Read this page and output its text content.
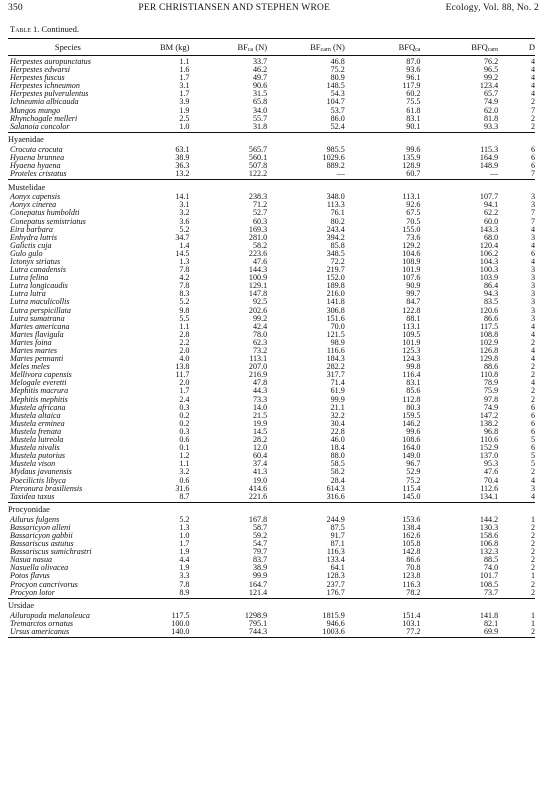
350	PER CHRISTIANSEN AND STEPHEN WROE	Ecology, Vol. 88, No. 2
Table 1. Continued.
Species	BM (kg)	$BF_{ca}$ (N)	$BF_{carn}$ (N)	$BFQ_{ca}$	$BFQ_{carn}$	D
Herpestes auropunctatus	1.1	33.7	46.8	87.0	76.2	4
Herpestes edwarsi	1.6	46.2	75.2	93.6	96.5	4
Herpestes fuscus	1.7	49.7	80.9	96.1	99.2	4
Herpestes ichneumon	3.1	90.6	148.5	117.9	123.4	4
Herpestes pulverulentus	1.7	31.5	54.3	60.2	65.7	4
Ichneumia albicauda	3.9	65.8	104.7	75.5	74.9	2
Mungos mungo	1.9	34.0	53.7	61.8	62.0	7
Rhynchogale melleri	2.5	55.7	86.0	83.1	81.8	2
Salanoia concolor	1.0	31.8	52.4	90.1	93.3	2
Hyaenidae						
Crocuta crocuta	63.1	565.7	985.5	99.6	115.3	6
Hyaena brunnea	38.9	560.1	1029.6	135.9	164.9	6
Hyaena hyaena	36.3	507.8	889.2	128.9	148.9	6
Proteles cristatus	13.2	122.2	—	60.7	—	7
Mustelidae						
Aonyx capensis	14.1	238.3	348.0	113.1	107.7	3
Aonyx cinerea	3.1	71.2	113.3	92.6	94.1	3
Conepatus humboldti	3.2	52.7	76.1	67.5	62.2	7
Conepatus semistriatus	3.6	60.3	80.2	70.5	60.0	7
Eira barbara	5.2	169.3	243.4	155.0	143.3	4
Enhydra lutris	34.7	281.0	394.2	73.6	68.0	3
Galictis cuja	1.4	58.2	85.8	129.2	120.4	4
Gulo gulo	14.5	223.6	348.5	104.6	106.2	6
Ictonyx striatus	1.3	47.6	72.2	108.9	104.3	4
Lutra canadensis	7.8	144.3	219.7	101.9	100.3	3
Lutra felina	4.2	100.9	152.0	107.6	103.9	3
Lutra longicaudis	7.8	129.1	189.8	90.9	86.4	3
Lutra lutra	8.3	147.8	216.0	99.7	94.3	3
Lutra maculicollis	5.2	92.5	141.8	84.7	83.5	3
Lutra perspicillata	9.8	202.6	306.8	122.8	120.6	3
Lutra sumatrana	5.5	99.2	151.6	88.1	86.6	3
Martes americana	1.1	42.4	70.0	113.1	117.5	4
Martes flavigula	2.8	78.0	121.5	109.5	108.8	4
Martes foina	2.2	62.3	98.9	101.9	102.9	2
Martes martes	2.0	73.2	116.6	125.3	126.8	4
Martes pennanti	4.0	113.1	184.3	124.3	129.8	4
Meles meles	13.8	207.0	282.2	99.8	88.6	2
Mellivora capensis	11.7	216.9	317.7	116.4	110.8	2
Melogale everetti	2.0	47.8	71.4	83.1	78.9	4
Mephitis macrura	1.7	44.3	61.9	85.6	75.9	2
Mephitis mephitis	2.4	73.3	99.9	112.8	97.8	2
Mustela africana	0.3	14.0	21.1	80.3	74.9	6
Mustela altaica	0.2	21.5	32.2	159.5	147.2	6
Mustela erminea	0.2	19.9	30.4	146.2	138.2	6
Mustela frenata	0.3	14.5	22.8	99.6	96.8	6
Mustela lutreola	0.6	28.2	46.0	108.6	110.6	5
Mustela nivalis	0.1	12.0	18.4	164.0	152.9	6
Mustela putorius	1.2	60.4	88.0	149.0	137.0	5
Mustela vison	1.1	37.4	58.5	96.7	95.3	5
Mydaus javanensis	3.2	41.3	58.2	52.9	47.6	2
Poecilictis libyca	0.6	19.0	28.4	75.2	70.4	4
Pteronura brasiliensis	31.6	414.6	614.3	115.4	112.6	3
Taxidea taxus	8.7	221.6	316.6	145.0	134.1	4
Procyonidae						
Ailurus fulgens	5.2	167.8	244.9	153.6	144.2	1
Bassaricyon alleni	1.3	58.7	87.5	138.4	130.3	2
Bassaricyon gabbii	1.0	59.2	91.7	162.6	158.6	2
Bassariscus astutus	1.7	54.7	87.1	105.8	106.8	2
Bassariscus sumichrastri	1.9	79.7	116.3	142.8	132.3	2
Nasua nasua	4.4	83.7	133.4	86.6	88.5	2
Nasuella olivacea	1.9	38.9	64.1	70.8	74.0	2
Potos flavus	3.3	99.9	128.3	123.8	101.7	1
Procyon cancrivorus	7.8	164.7	237.7	116.3	108.5	2
Procyon lotor	8.9	121.4	176.7	78.2	73.7	2
Ursidae						
Ailuropoda melanoleuca	117.5	1298.9	1815.9	151.4	141.8	1
Tremarctos ornatus	100.0	795.1	946.6	103.1	82.1	1
Ursus americanus	140.0	744.3	1003.6	77.2	69.9	2
